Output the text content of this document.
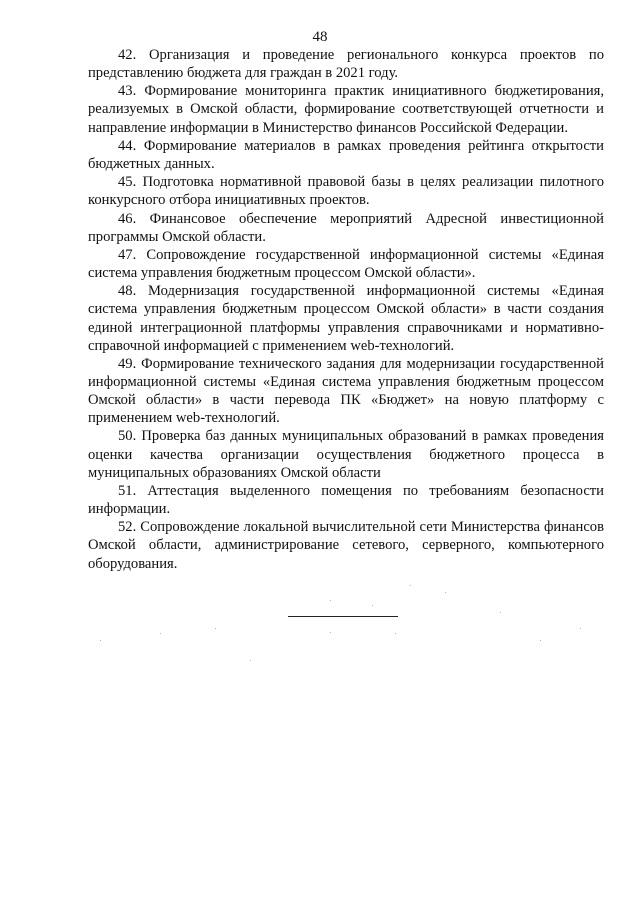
48

42. Организация и проведение регионального конкурса проектов по представлению бюджета для граждан в 2021 году.

43. Формирование мониторинга практик инициативного бюджетирования, реализуемых в Омской области, формирование соответствующей отчетности и направление информации в Министерство финансов Российской Федерации.

44. Формирование материалов в рамках проведения рейтинга открытости бюджетных данных.

45. Подготовка нормативной правовой базы в целях реализации пилотного конкурсного отбора инициативных проектов.

46. Финансовое обеспечение мероприятий Адресной инвестиционной программы Омской области.

47. Сопровождение государственной информационной системы «Единая система управления бюджетным процессом Омской области».

48. Модернизация государственной информационной системы «Единая система управления бюджетным процессом Омской области» в части создания единой интеграционной платформы управления справочниками и нормативно-справочной информацией с применением web-технологий.

49. Формирование технического задания для модернизации государственной информационной системы «Единая система управления бюджетным процессом Омской области» в части перевода ПК «Бюджет» на новую платформу с применением web-технологий.

50. Проверка баз данных муниципальных образований в рамках проведения оценки качества организации осуществления бюджетного процесса в муниципальных образованиях Омской области

51. Аттестация выделенного помещения по требованиям безопасности информации.

52. Сопровождение локальной вычислительной сети Министерства финансов Омской области, администрирование сетевого, серверного, компьютерного оборудования.
